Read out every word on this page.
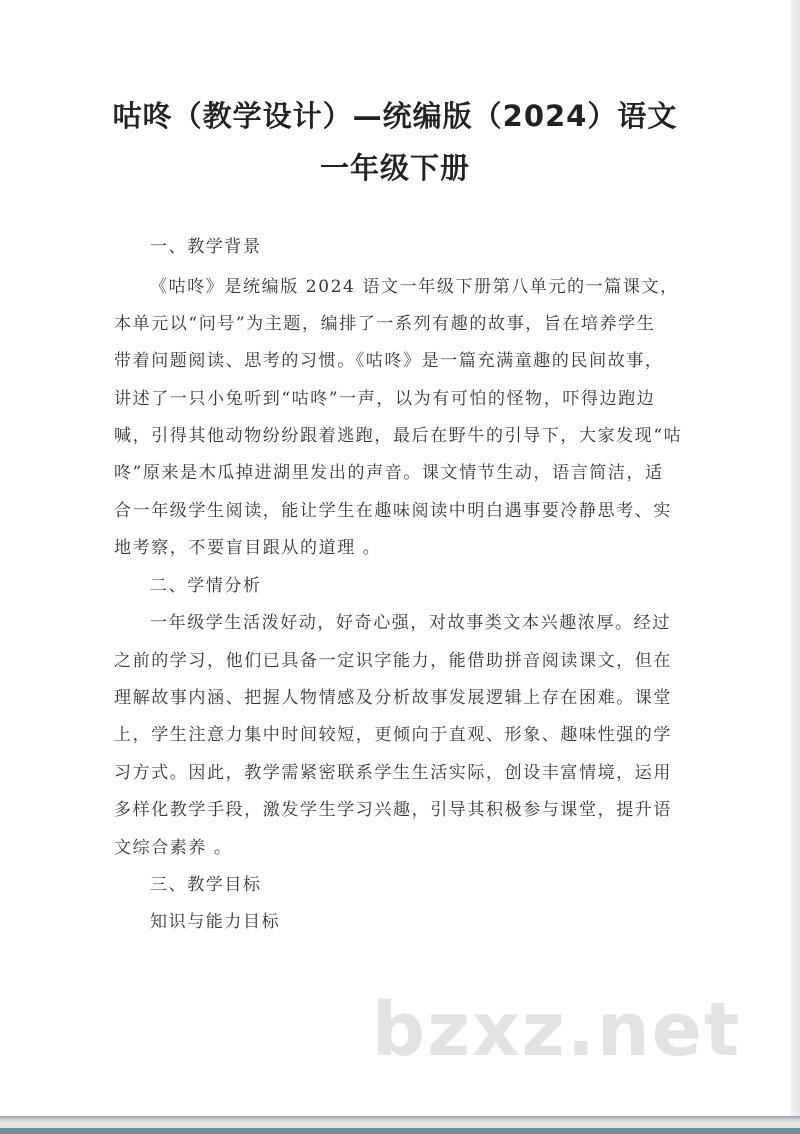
咕咚（教学设计）—统编版（2024）语文
一年级下册

一、教学背景

《咕咚》是统编版 2024 语文一年级下册第八单元的一篇课文，

本单元以“问号”为主题，编排了一系列有趣的故事，旨在培养学生

带着问题阅读、思考的习惯。《咕咚》是一篇充满童趣的民间故事，

讲述了一只小兔听到“咕咚”一声，以为有可怕的怪物，吓得边跑边

喊，引得其他动物纷纷跟着逃跑，最后在野牛的引导下，大家发现“咕

咚”原来是木瓜掉进湖里发出的声音。课文情节生动，语言简洁，适

合一年级学生阅读，能让学生在趣味阅读中明白遇事要冷静思考、实

地考察，不要盲目跟从的道理 。

二、学情分析

一年级学生活泼好动，好奇心强，对故事类文本兴趣浓厚。经过

之前的学习，他们已具备一定识字能力，能借助拼音阅读课文，但在

理解故事内涵、把握人物情感及分析故事发展逻辑上存在困难。课堂

上，学生注意力集中时间较短，更倾向于直观、形象、趣味性强的学

习方式。因此，教学需紧密联系学生生活实际，创设丰富情境，运用

多样化教学手段，激发学生学习兴趣，引导其积极参与课堂，提升语

文综合素养 。

三、教学目标

知识与能力目标

bzxz.net
